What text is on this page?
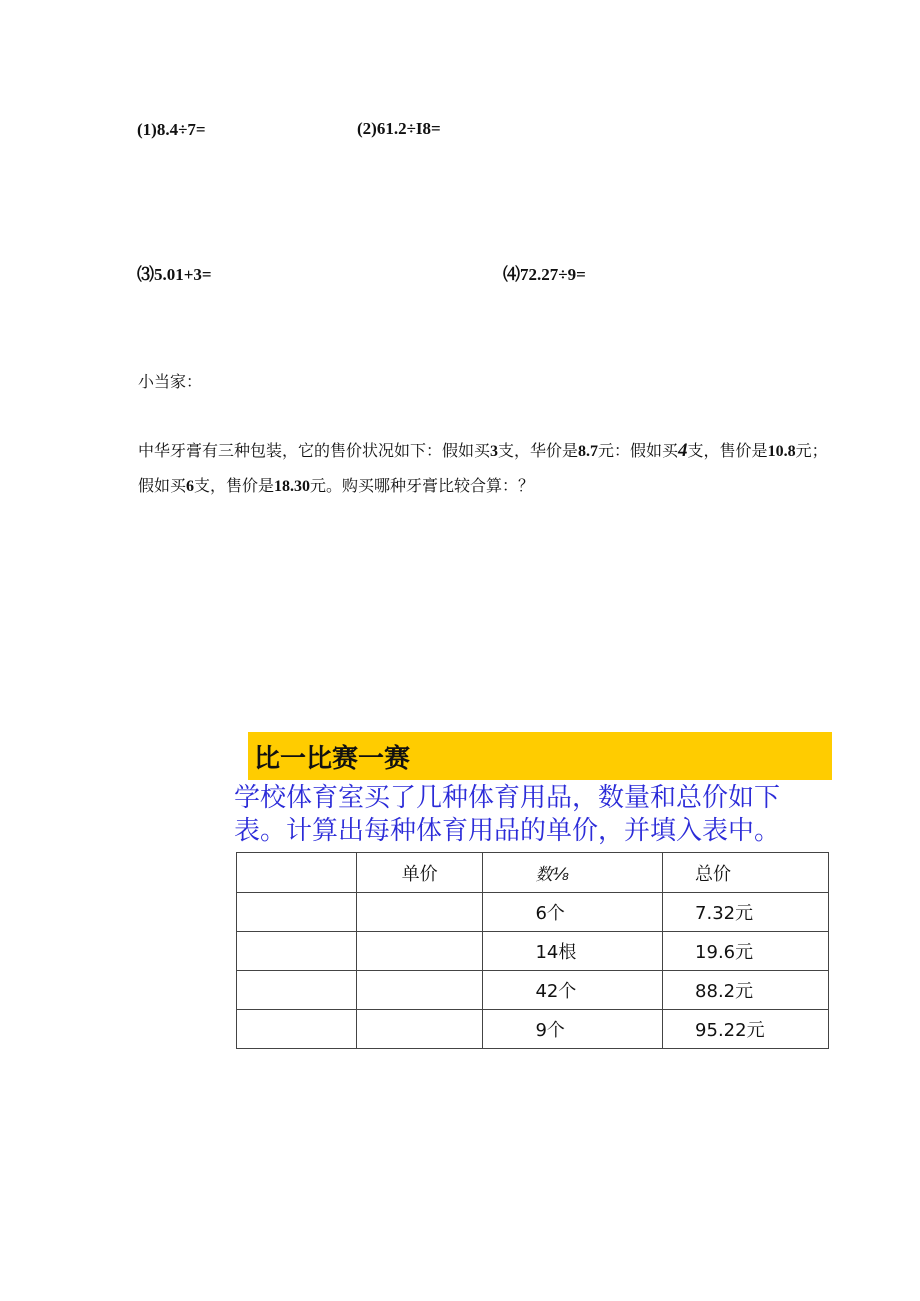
(1)8.4÷7=	(2)61.2÷I8=
⑶5.01+3=	⑷72.27÷9=
小当家：
中华牙膏有三种包装，它的售价状况如下：假如买3支，华价是8.7元：假如买4支，售价是10.8元；假如买6支，售价是18.30元。购买哪种牙膏比较合算：？
比一比赛一赛
学校体育室买了几种体育用品，数量和总价如下
表。计算出每种体育用品的单价，并填入表中。
	单价	数⅛	总价
		6个	7.32元
		14根	19.6元
		42个	88.2元
		9个	95.22元
